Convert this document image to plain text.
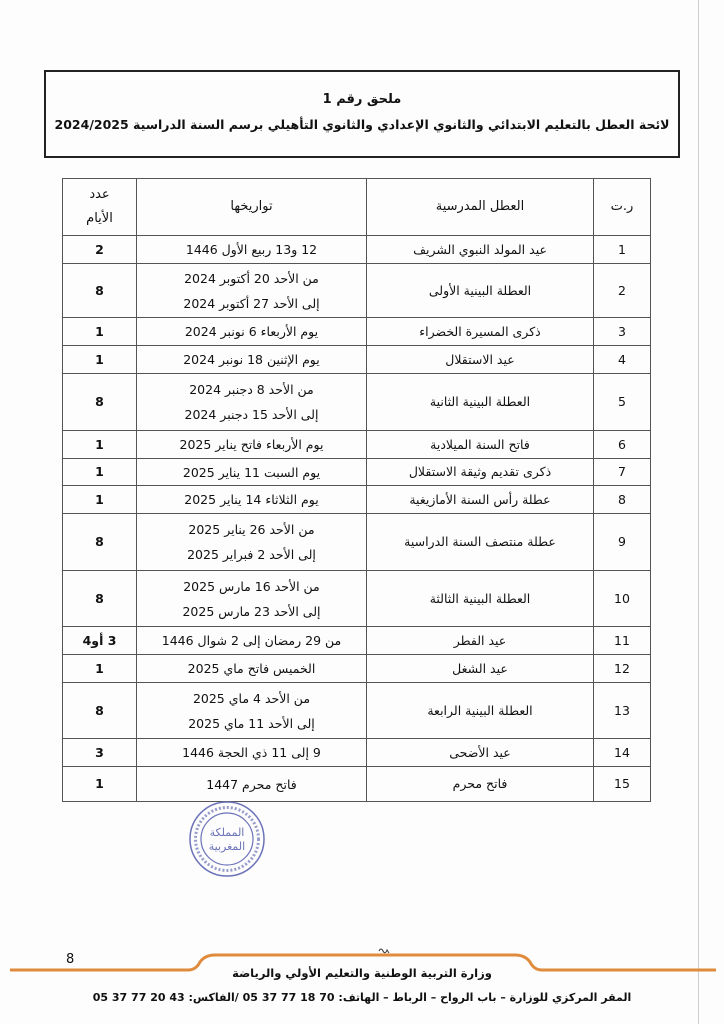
ملحق رقم 1
لائحة العطل بالتعليم الابتدائي والثانوي الإعدادي والثانوي التأهيلي برسم السنة الدراسية 2024/2025
ر.ت	العطل المدرسية	تواريخها	عدد
الأيام

1	عيد المولد النبوي الشريف	12 و13 ربيع الأول 1446	2
2	العطلة البينية الأولى	من الأحد 20 أكتوبر 2024
إلى الأحد 27 أكتوبر 2024	8
3	ذكرى المسيرة الخضراء	يوم الأربعاء 6 نونبر 2024	1
4	عيد الاستقلال	يوم الإثنين 18 نونبر 2024	1
5	العطلة البينية الثانية	من الأحد 8 دجنبر 2024
إلى الأحد 15 دجنبر 2024	8
6	فاتح السنة الميلادية	يوم الأربعاء فاتح يناير 2025	1
7	ذكرى تقديم وثيقة الاستقلال	يوم السبت 11 يناير 2025	1
8	عطلة رأس السنة الأمازيغية	يوم الثلاثاء 14 يناير 2025	1
9	عطلة منتصف السنة الدراسية	من الأحد 26 يناير 2025
إلى الأحد 2 فبراير 2025	8
10	العطلة البينية الثالثة	من الأحد 16 مارس 2025
إلى الأحد 23 مارس 2025	8
11	عيد الفطر	من 29 رمضان إلى 2 شوال 1446	3 أو4
12	عيد الشغل	الخميس فاتح ماي 2025	1
13	العطلة البينية الرابعة	من الأحد 4 ماي 2025
إلى الأحد 11 ماي 2025	8
14	عيد الأضحى	9 إلى 11 ذي الحجة 1446	3
15	فاتح محرم	فاتح محرم 1447	1
المملكة
المغربية
8
وزارة التربية الوطنية والتعليم الأولي والرياضة
المقر المركزي للوزارة – باب الرواح – الرباط – الهاتف: 70 18 77 37 05 /الفاكس: 43 20 77 37 05
